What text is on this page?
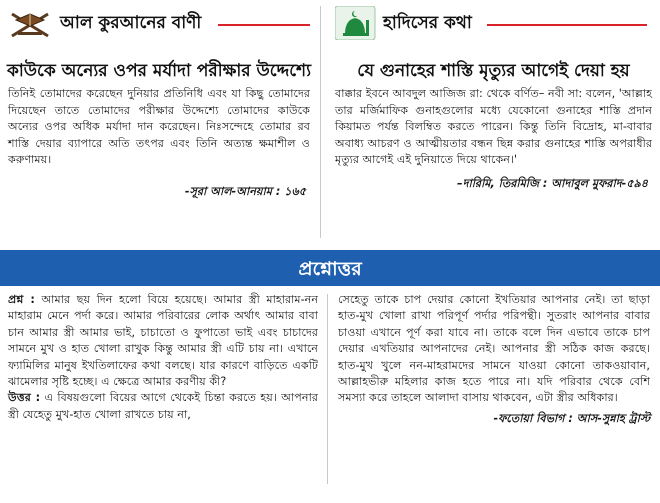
আল কুরআনের বাণী
কাউকে অন্যের ওপর মর্যাদা পরীক্ষার উদ্দেশ্যে
তিনিই তোমাদের করেছেন দুনিয়ার প্রতিনিধি এবং যা কিছু তোমাদের দিয়েছেন তাতে তোমাদের পরীক্ষার উদ্দেশ্যে তোমাদের কাউকে অন্যের ওপর অধিক মর্যাদা দান করেছেন। নিঃসন্দেহে তোমার রব শাস্তি দেয়ার ব্যাপারে অতি তৎপর এবং তিনি অত্যন্ত ক্ষমাশীল ও করুণাময়।
-সূরা আল-আনয়াম : ১৬৫
হাদিসের কথা
যে গুনাহের শাস্তি মৃত্যুর আগেই দেয়া হয়
বাক্কার ইবনে আবদুল আজিজ রা: থেকে বর্ণিত– নবী সা: বলেন, 'আল্লাহ তার মর্জিমাফিক গুনাহগুলোর মধ্যে যেকোনো গুনাহের শাস্তি প্রদান কিয়ামত পর্যন্ত বিলম্বিত করতে পারেন। কিন্তু তিনি বিদ্রোহ, মা-বাবার অবাধ্য আচরণ ও আত্মীয়তার বন্ধন ছিন্ন করার গুনাহের শাস্তি অপরাধীর মৃত্যুর আগেই এই দুনিয়াতে দিয়ে থাকেন।'
–দারিমি, তিরমিজি : আদাবুল মুফরাদ-৫৯৪
প্রশ্নোত্তর
প্রশ্ন : আমার ছয় দিন হলো বিয়ে হয়েছে। আমার স্ত্রী মাহারাম-নন মাহারাম মেনে পর্দা করে। আমার পরিবারের লোক অর্থাৎ আমার বাবা চান আমার স্ত্রী আমার ভাই, চাচাতো ও ফুপাতো ভাই এবং চাচাদের সামনে মুখ ও হাত খোলা রাখুক কিন্তু আমার স্ত্রী এটি চায় না। এখানে ফ্যামিলির মানুষ ইখতিলাফের কথা বলছে। যার কারণে বাড়িতে একটি ঝামেলার সৃষ্টি হচ্ছে। এ ক্ষেত্রে আমার করণীয় কী?
উত্তর : এ বিষয়গুলো বিয়ের আগে থেকেই চিন্তা করতে হয়। আপনার স্ত্রী যেহেতু মুখ-হাত খোলা রাখতে চায় না,
সেহেতু তাকে চাপ দেয়ার কোনো ইখতিয়ার আপনার নেই। তা ছাড়া হাত-মুখ খোলা রাখা পরিপূর্ণ পর্দার পরিপন্থী। সুতরাং আপনার বাবার চাওয়া এখানে পূর্ণ করা যাবে না। তাকে বলে দিন এভাবে তাকে চাপ দেয়ার এখতিয়ার আপনাদের নেই। আপনার স্ত্রী সঠিক কাজ করছে। হাত-মুখ খুলে নন-মাহরামদের সামনে যাওয়া কোনো তাকওয়াবান, আল্লাহভীরু মহিলার কাজ হতে পারে না। যদি পরিবার থেকে বেশি সমস্যা করে তাহলে আলাদা বাসায় থাকবেন, এটা স্ত্রীর অধিকার।
-ফতোয়া বিভাগ : আস-সুন্নাহ ট্রাস্ট
